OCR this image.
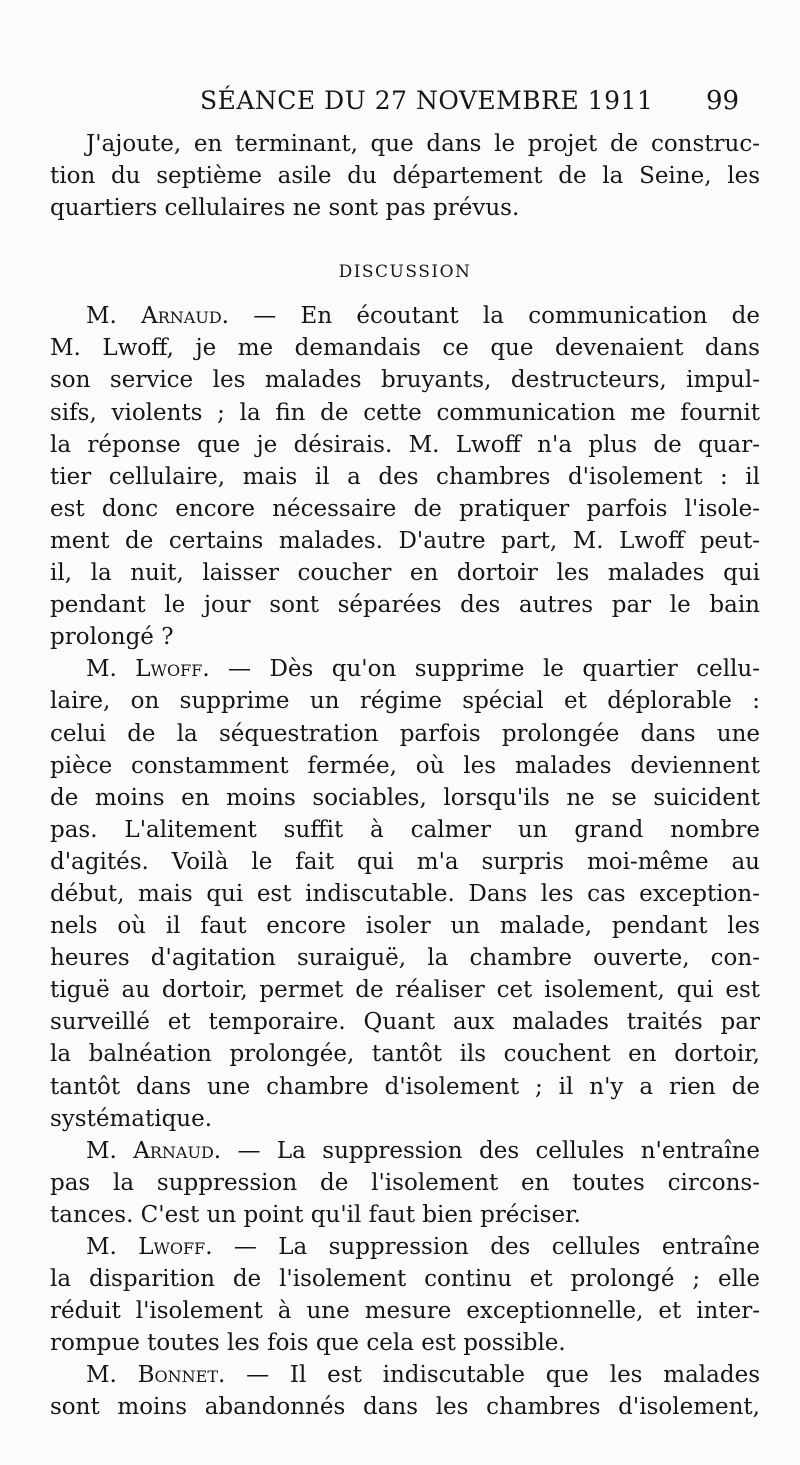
SÉANCE DU 27 NOVEMBRE 1911 99
J'ajoute, en terminant, que dans le projet de construc-
tion du septième asile du département de la Seine, les
quartiers cellulaires ne sont pas prévus.
DISCUSSION
M. Arnaud. — En écoutant la communication de
M. Lwoff, je me demandais ce que devenaient dans
son service les malades bruyants, destructeurs, impul-
sifs, violents ; la fin de cette communication me fournit
la réponse que je désirais. M. Lwoff n'a plus de quar-
tier cellulaire, mais il a des chambres d'isolement : il
est donc encore nécessaire de pratiquer parfois l'isole-
ment de certains malades. D'autre part, M. Lwoff peut-
il, la nuit, laisser coucher en dortoir les malades qui
pendant le jour sont séparées des autres par le bain
prolongé ?
M. Lwoff. — Dès qu'on supprime le quartier cellu-
laire, on supprime un régime spécial et déplorable :
celui de la séquestration parfois prolongée dans une
pièce constamment fermée, où les malades deviennent
de moins en moins sociables, lorsqu'ils ne se suicident
pas. L'alitement suffit à calmer un grand nombre
d'agités. Voilà le fait qui m'a surpris moi-même au
début, mais qui est indiscutable. Dans les cas exception-
nels où il faut encore isoler un malade, pendant les
heures d'agitation suraiguë, la chambre ouverte, con-
tiguë au dortoir, permet de réaliser cet isolement, qui est
surveillé et temporaire. Quant aux malades traités par
la balnéation prolongée, tantôt ils couchent en dortoir,
tantôt dans une chambre d'isolement ; il n'y a rien de
systématique.
M. Arnaud. — La suppression des cellules n'entraîne
pas la suppression de l'isolement en toutes circons-
tances. C'est un point qu'il faut bien préciser.
M. Lwoff. — La suppression des cellules entraîne
la disparition de l'isolement continu et prolongé ; elle
réduit l'isolement à une mesure exceptionnelle, et inter-
rompue toutes les fois que cela est possible.
M. Bonnet. — Il est indiscutable que les malades
sont moins abandonnés dans les chambres d'isolement,
